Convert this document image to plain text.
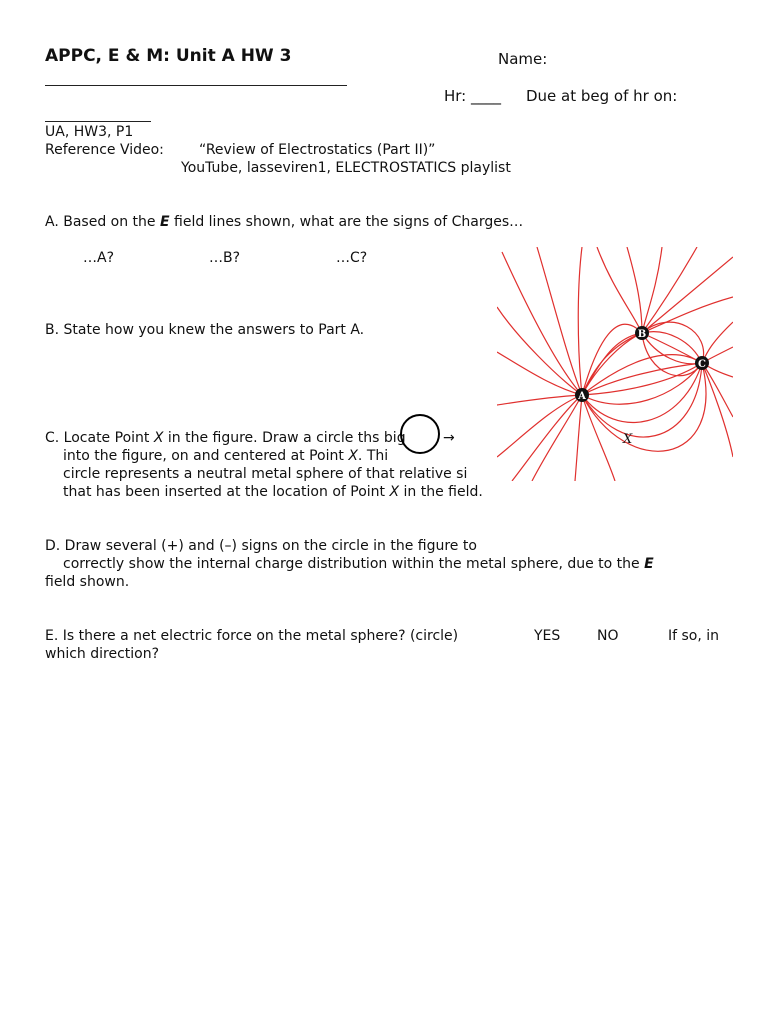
APPC, E & M: Unit A HW 3	Name:
Hr: ____ Due at beg of hr on:
UA, HW3, P1
Reference Video:	“Review of Electrostatics (Part II)”
YouTube, lasseviren1, ELECTROSTATICS playlist
A. Based on the E field lines shown, what are the signs of Charges…
…A?	…B?	…C?
B. State how you knew the answers to Part A.
C. Locate Point X in the figure. Draw a circle ths big	→
into the figure, on and centered at Point X. Thi
circle represents a neutral metal sphere of that relative si
that has been inserted at the location of Point X in the field.
D. Draw several (+) and (–) signs on the circle in the figure to
correctly show the internal charge distribution within the metal sphere, due to the E
field shown.
E. Is there a net electric force on the metal sphere? (circle)	YES	NO	If so, in
which direction?
A
B
C
X
